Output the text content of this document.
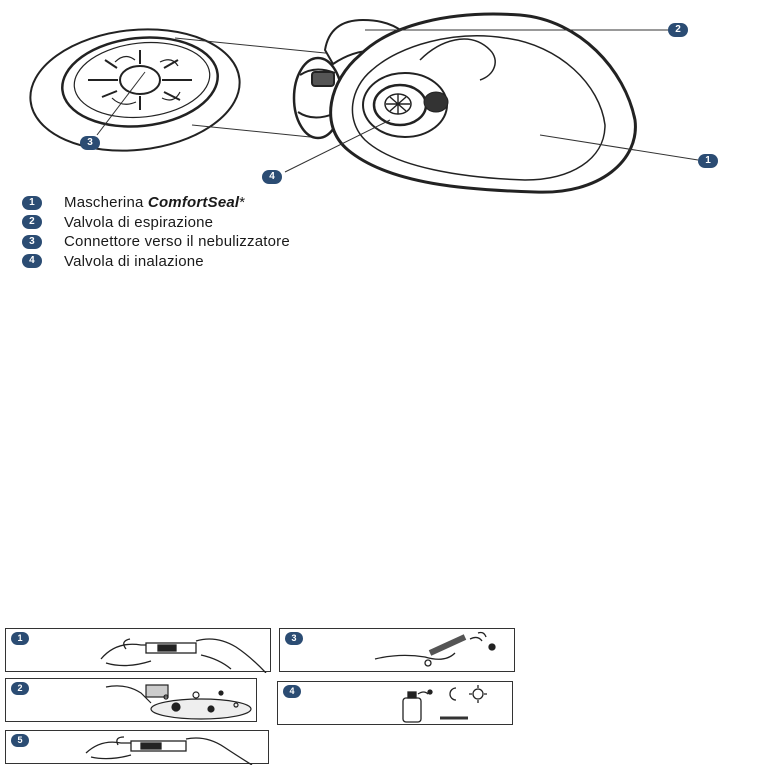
2
1
3
4
1	Mascherina ComfortSeal*
2	Valvola di espirazione
3	Connettore verso il nebulizzatore
4	Valvola di inalazione
1
2
5
3
4
